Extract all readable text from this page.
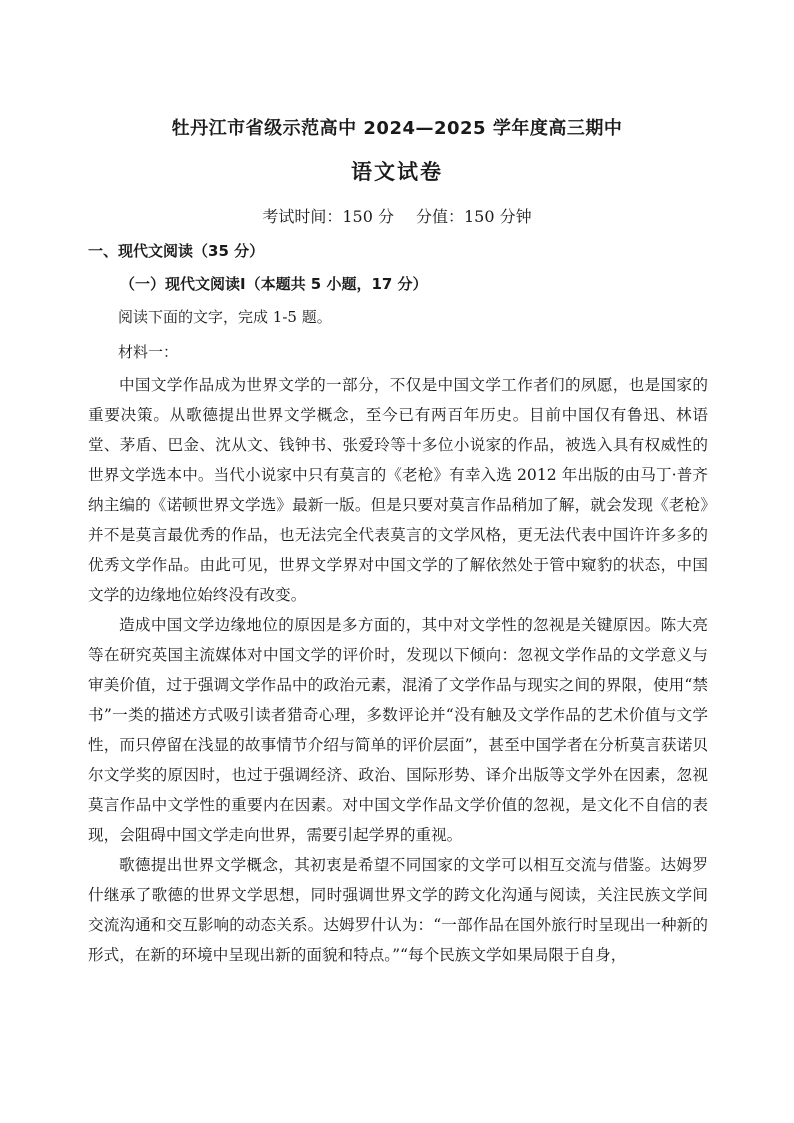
牡丹江市省级示范高中 2024—2025 学年度高三期中
语文试卷
考试时间：150 分 分值：150 分钟
一、现代文阅读（35 分）
（一）现代文阅读Ⅰ（本题共 5 小题，17 分）
阅读下面的文字，完成 1-5 题。
材料一：

中国文学作品成为世界文学的一部分，不仅是中国文学工作者们的夙愿，也是国家的重要决策。从歌德提出世界文学概念，至今已有两百年历史。目前中国仅有鲁迅、林语堂、茅盾、巴金、沈从文、钱钟书、张爱玲等十多位小说家的作品，被选入具有权威性的世界文学选本中。当代小说家中只有莫言的《老枪》有幸入选 2012 年出版的由马丁·普齐纳主编的《诺顿世界文学选》最新一版。但是只要对莫言作品稍加了解，就会发现《老枪》并不是莫言最优秀的作品，也无法完全代表莫言的文学风格，更无法代表中国许许多多的优秀文学作品。由此可见，世界文学界对中国文学的了解依然处于管中窥豹的状态，中国文学的边缘地位始终没有改变。

造成中国文学边缘地位的原因是多方面的，其中对文学性的忽视是关键原因。陈大亮等在研究英国主流媒体对中国文学的评价时，发现以下倾向：忽视文学作品的文学意义与审美价值，过于强调文学作品中的政治元素，混淆了文学作品与现实之间的界限，使用“禁书”一类的描述方式吸引读者猎奇心理，多数评论并“没有触及文学作品的艺术价值与文学性，而只停留在浅显的故事情节介绍与简单的评价层面”，甚至中国学者在分析莫言获诺贝尔文学奖的原因时，也过于强调经济、政治、国际形势、译介出版等文学外在因素，忽视莫言作品中文学性的重要内在因素。对中国文学作品文学价值的忽视，是文化不自信的表现，会阻碍中国文学走向世界，需要引起学界的重视。

歌德提出世界文学概念，其初衷是希望不同国家的文学可以相互交流与借鉴。达姆罗什继承了歌德的世界文学思想，同时强调世界文学的跨文化沟通与阅读，关注民族文学间交流沟通和交互影响的动态关系。达姆罗什认为：“一部作品在国外旅行时呈现出一种新的形式，在新的环境中呈现出新的面貌和特点。”“每个民族文学如果局限于自身，
